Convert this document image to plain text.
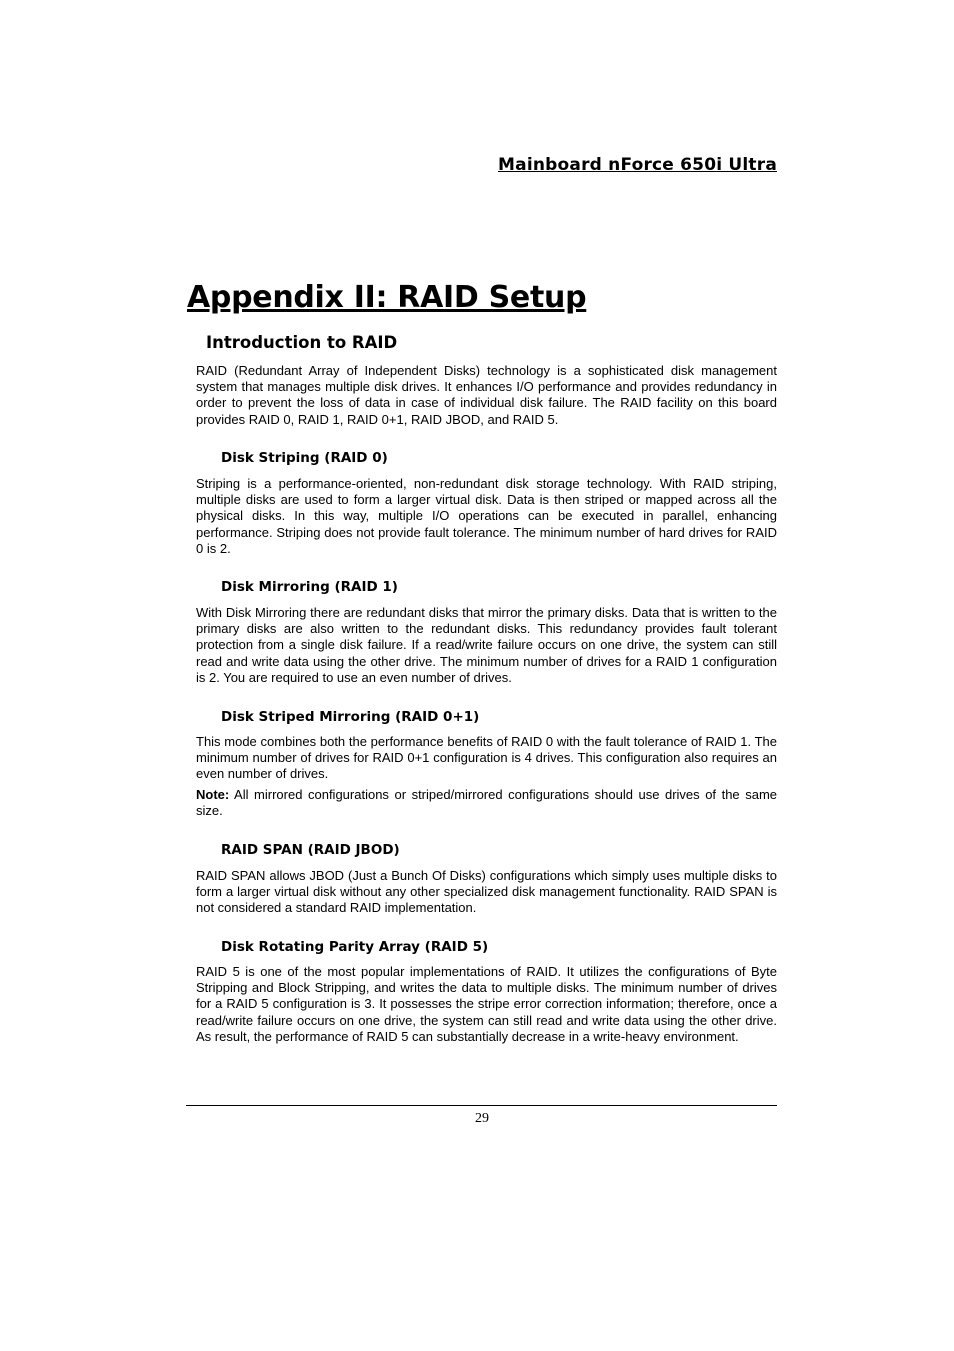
Mainboard nForce 650i Ultra
Appendix II: RAID Setup
Introduction to RAID

RAID (Redundant Array of Independent Disks) technology is a sophisticated disk management system that manages multiple disk drives. It enhances I/O performance and provides redundancy in order to prevent the loss of data in case of individual disk failure. The RAID facility on this board provides RAID 0, RAID 1, RAID 0+1, RAID JBOD, and RAID 5.

Disk Striping (RAID 0)

Striping is a performance-oriented, non-redundant disk storage technology. With RAID striping, multiple disks are used to form a larger virtual disk. Data is then striped or mapped across all the physical disks. In this way, multiple I/O operations can be executed in parallel, enhancing performance. Striping does not provide fault tolerance. The minimum number of hard drives for RAID 0 is 2.

Disk Mirroring (RAID 1)

With Disk Mirroring there are redundant disks that mirror the primary disks. Data that is written to the primary disks are also written to the redundant disks. This redundancy provides fault tolerant protection from a single disk failure. If a read/write failure occurs on one drive, the system can still read and write data using the other drive. The minimum number of drives for a RAID 1 configuration is 2. You are required to use an even number of drives.

Disk Striped Mirroring (RAID 0+1)

This mode combines both the performance benefits of RAID 0 with the fault tolerance of RAID 1. The minimum number of drives for RAID 0+1 configuration is 4 drives. This configuration also requires an even number of drives.

Note: All mirrored configurations or striped/mirrored configurations should use drives of the same size.

RAID SPAN (RAID JBOD)

RAID SPAN allows JBOD (Just a Bunch Of Disks) configurations which simply uses multiple disks to form a larger virtual disk without any other specialized disk management functionality. RAID SPAN is not considered a standard RAID implementation.

Disk Rotating Parity Array (RAID 5)

RAID 5 is one of the most popular implementations of RAID. It utilizes the configurations of Byte Stripping and Block Stripping, and writes the data to multiple disks. The minimum number of drives for a RAID 5 configuration is 3. It possesses the stripe error correction information; therefore, once a read/write failure occurs on one drive, the system can still read and write data using the other drive. As result, the performance of RAID 5 can substantially decrease in a write-heavy environment.

29
